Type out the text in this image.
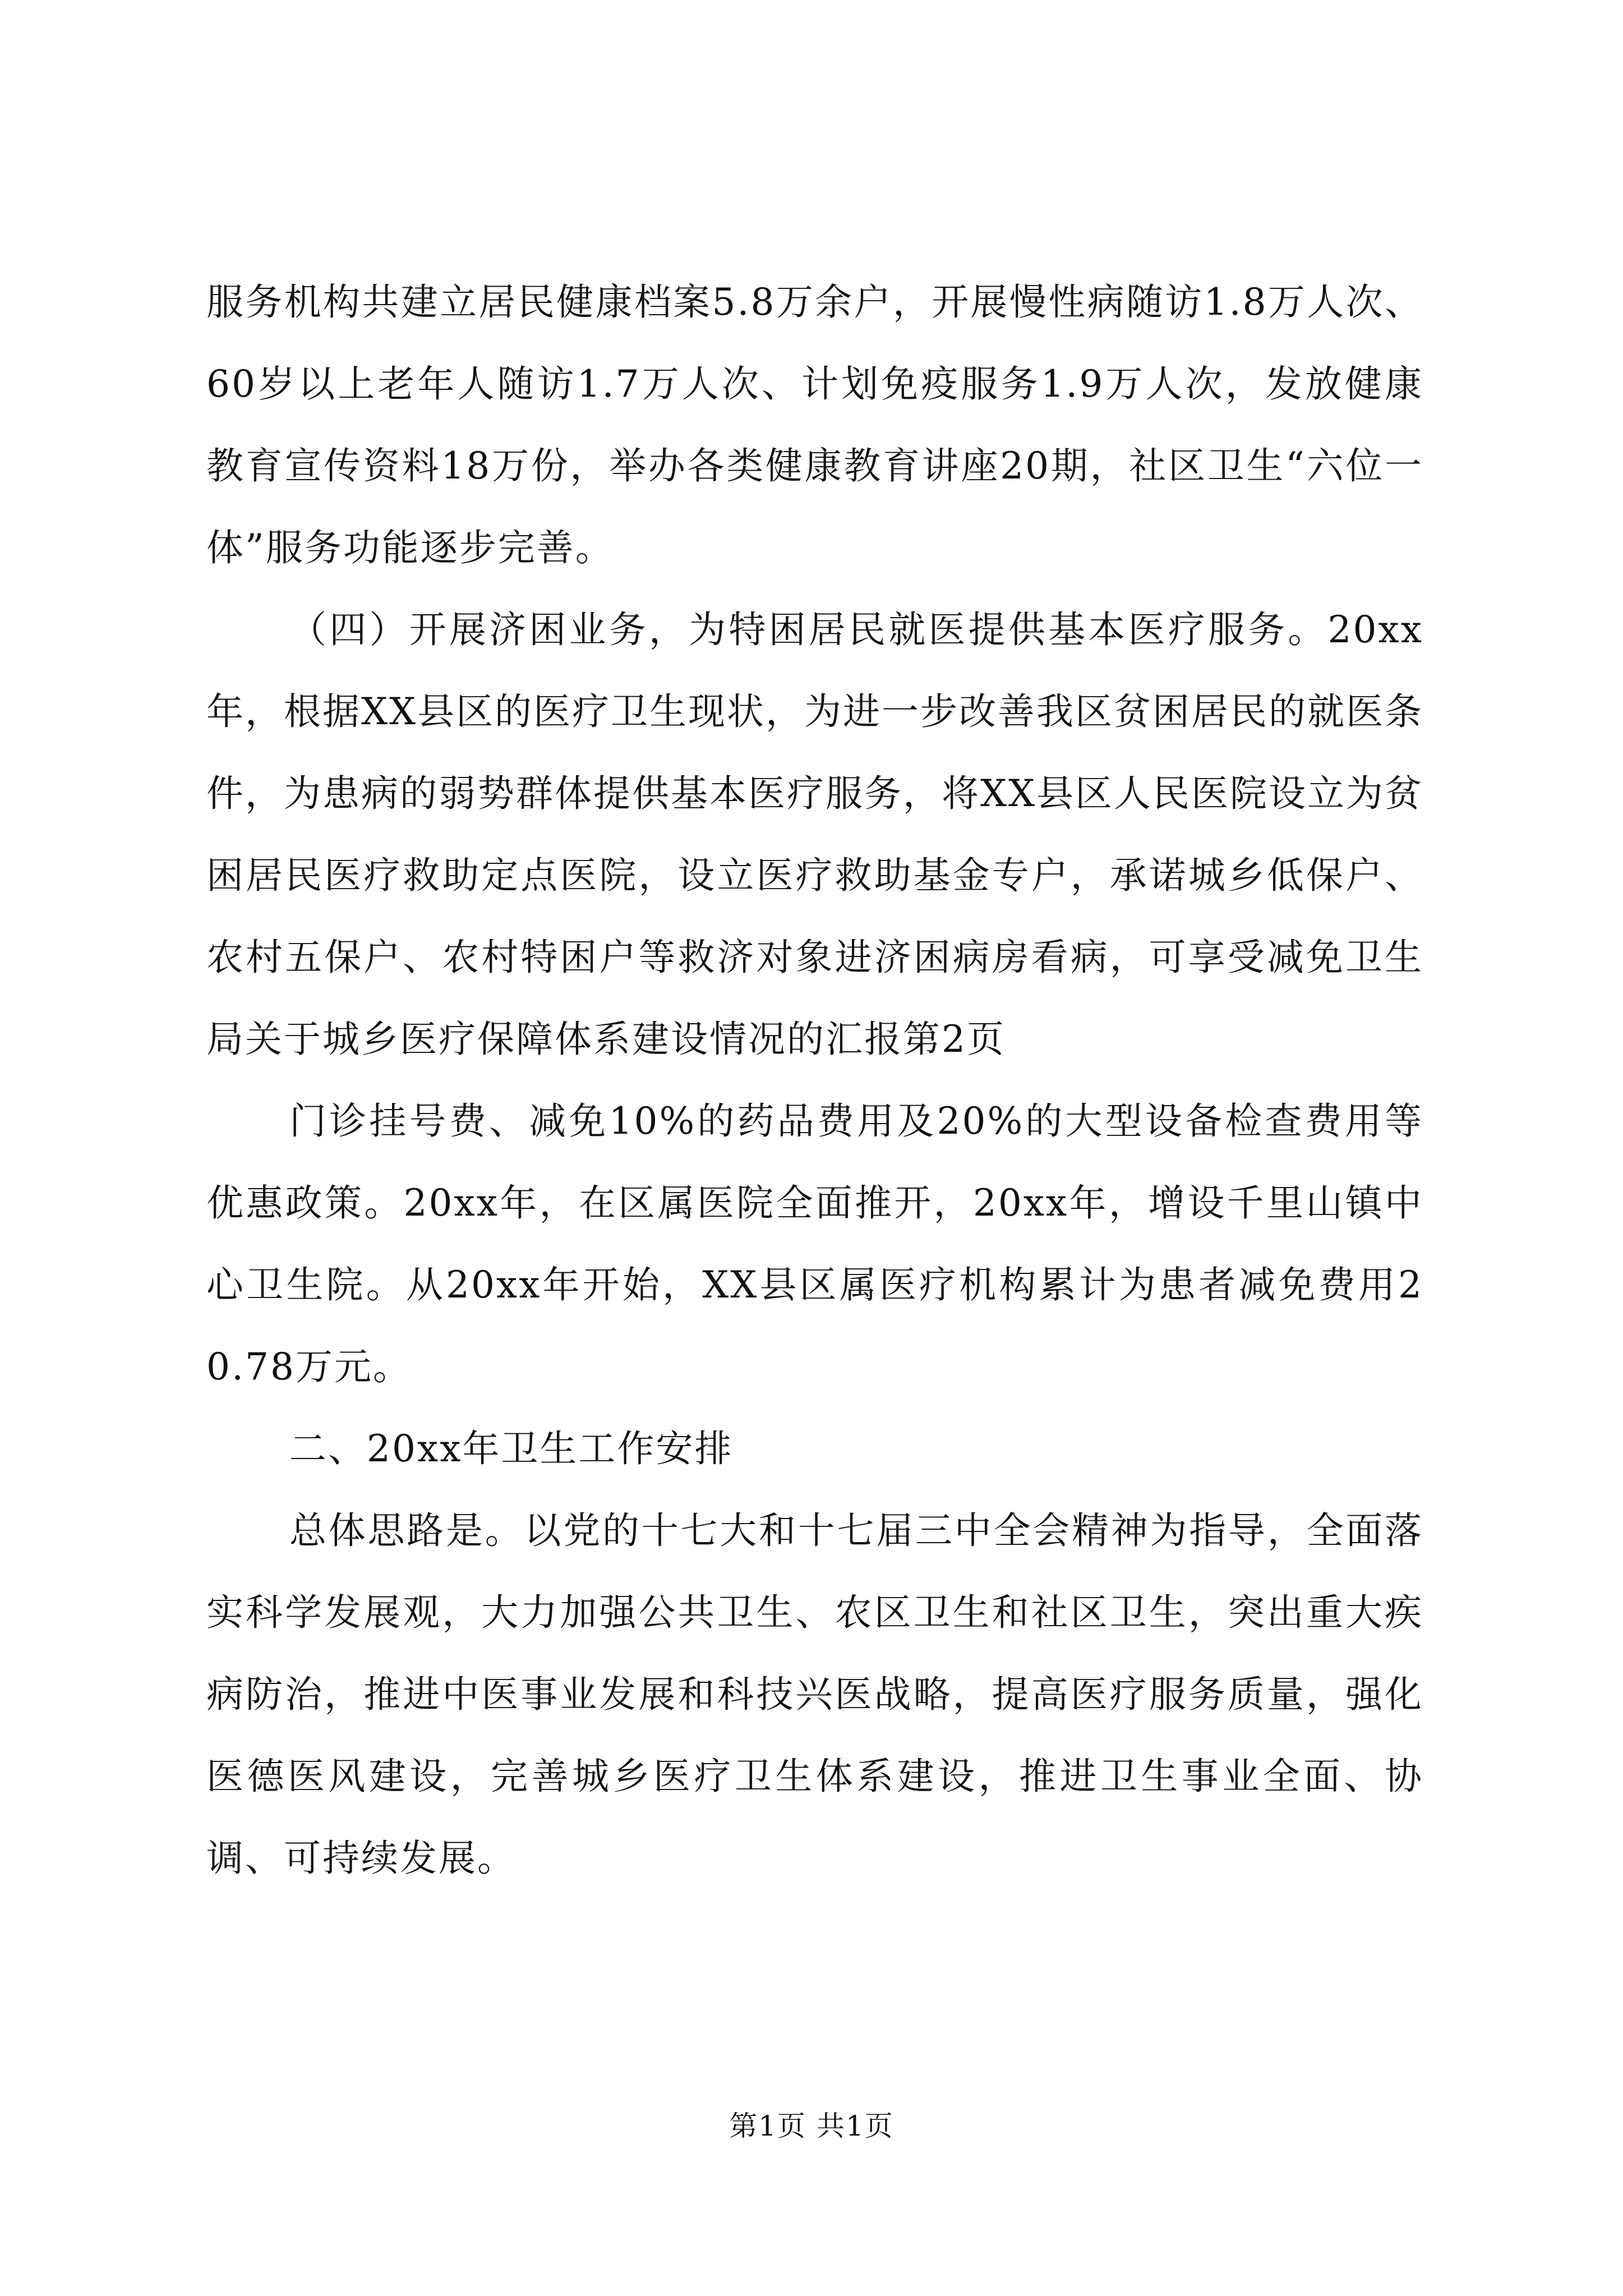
服务机构共建立居民健康档案5.8万余户，开展慢性病随访1.8万人次、60岁以上老年人随访1.7万人次、计划免疫服务1.9万人次，发放健康教育宣传资料18万份，举办各类健康教育讲座20期，社区卫生“六位一体”服务功能逐步完善。

（四）开展济困业务，为特困居民就医提供基本医疗服务。20xx年，根据XX县区的医疗卫生现状，为进一步改善我区贫困居民的就医条件，为患病的弱势群体提供基本医疗服务，将XX县区人民医院设立为贫困居民医疗救助定点医院，设立医疗救助基金专户，承诺城乡低保户、农村五保户、农村特困户等救济对象进济困病房看病，可享受减免卫生局关于城乡医疗保障体系建设情况的汇报第2页

门诊挂号费、减免10%的药品费用及20%的大型设备检查费用等优惠政策。20xx年，在区属医院全面推开，20xx年，增设千里山镇中心卫生院。从20xx年开始，XX县区属医疗机构累计为患者减免费用20.78万元。

二、20xx年卫生工作安排

总体思路是。以党的十七大和十七届三中全会精神为指导，全面落实科学发展观，大力加强公共卫生、农区卫生和社区卫生，突出重大疾病防治，推进中医事业发展和科技兴医战略，提高医疗服务质量，强化医德医风建设，完善城乡医疗卫生体系建设，推进卫生事业全面、协调、可持续发展。

第1页 共1页
